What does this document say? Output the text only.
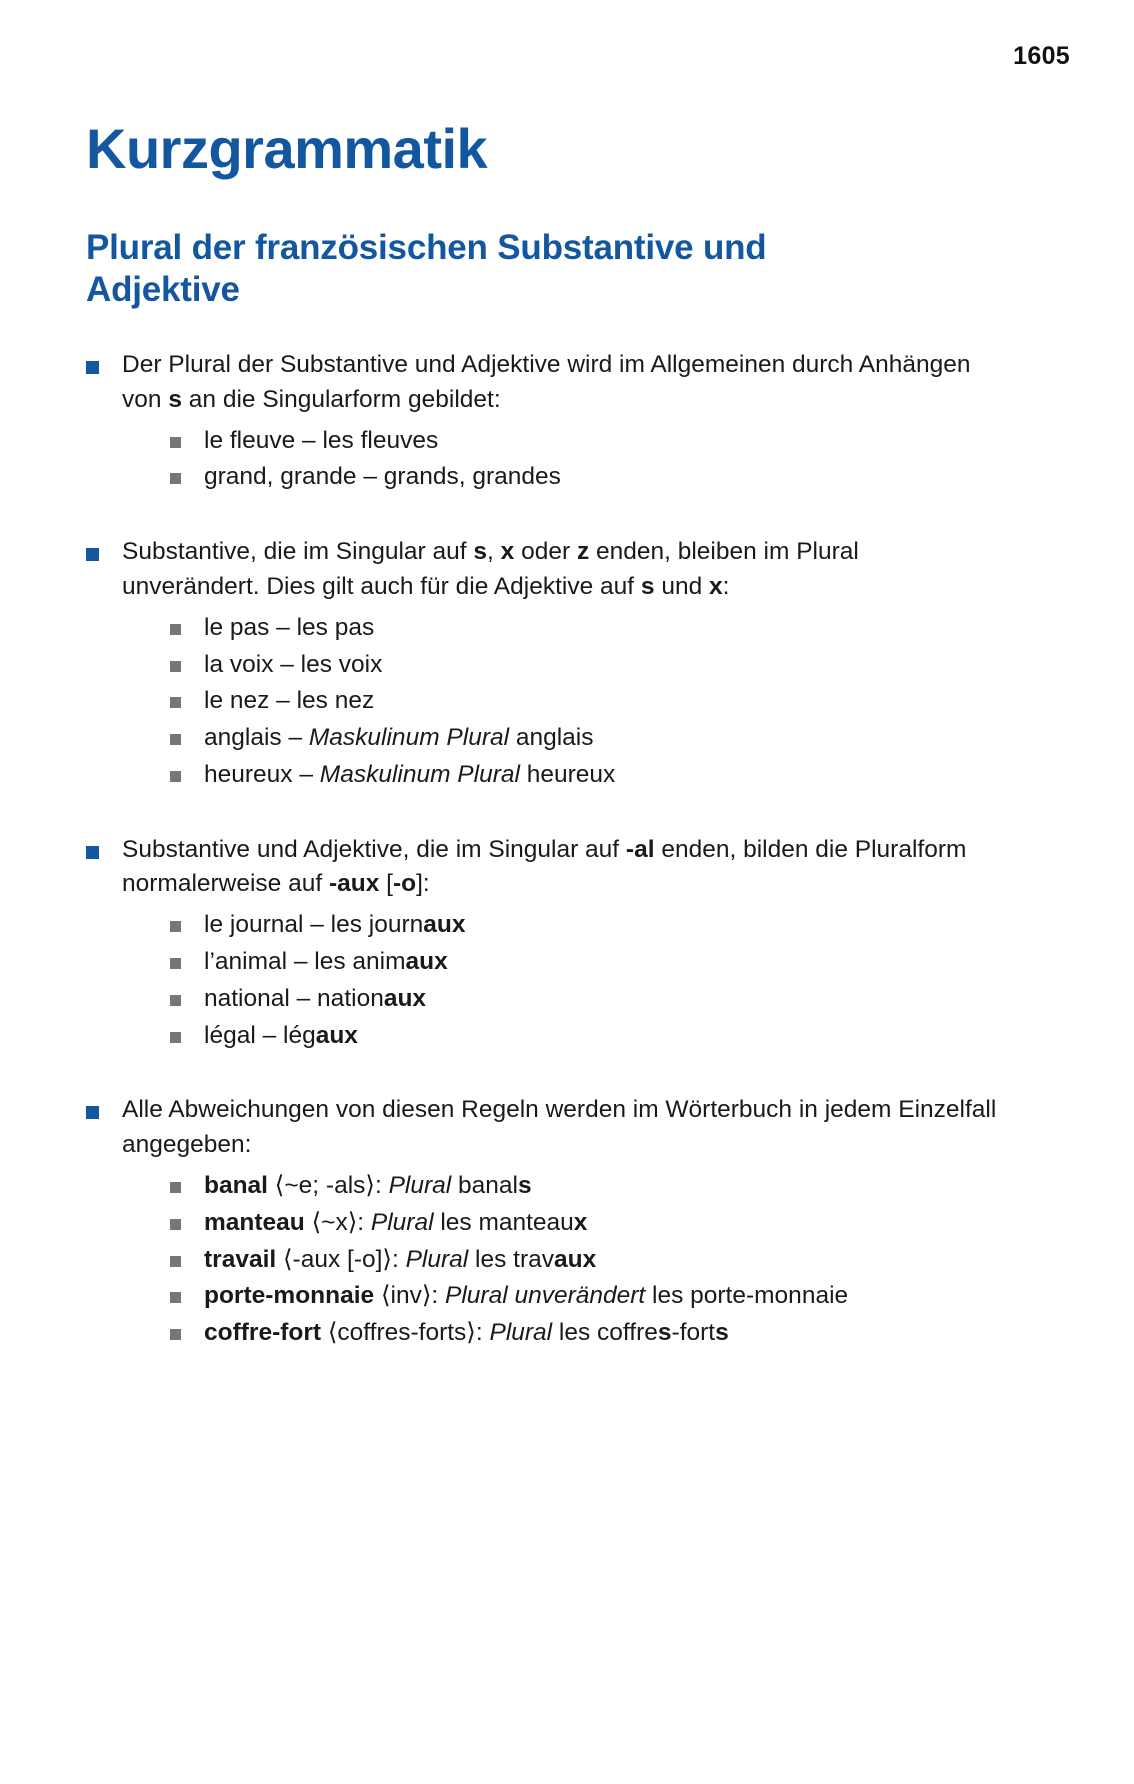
1605
Kurzgrammatik
Plural der französischen Substantive und Adjektive
Der Plural der Substantive und Adjektive wird im Allgemeinen durch Anhängen von s an die Singularform gebildet:
le fleuve – les fleuves
grand, grande – grands, grandes
Substantive, die im Singular auf s, x oder z enden, bleiben im Plural unverändert. Dies gilt auch für die Adjektive auf s und x:
le pas – les pas
la voix – les voix
le nez – les nez
anglais – Maskulinum Plural anglais
heureux – Maskulinum Plural heureux
Substantive und Adjektive, die im Singular auf -al enden, bilden die Pluralform normalerweise auf -aux [-o]:
le journal – les journaux
l’animal – les animaux
national – nationaux
légal – légaux
Alle Abweichungen von diesen Regeln werden im Wörterbuch in jedem Einzelfall angegeben:
banal ⟨~e; -als⟩: Plural banals
manteau ⟨~x⟩: Plural les manteaux
travail ⟨-aux [-o]⟩: Plural les travaux
porte-monnaie ⟨inv⟩: Plural unverändert les porte-monnaie
coffre-fort ⟨coffres-forts⟩: Plural les coffres-forts
